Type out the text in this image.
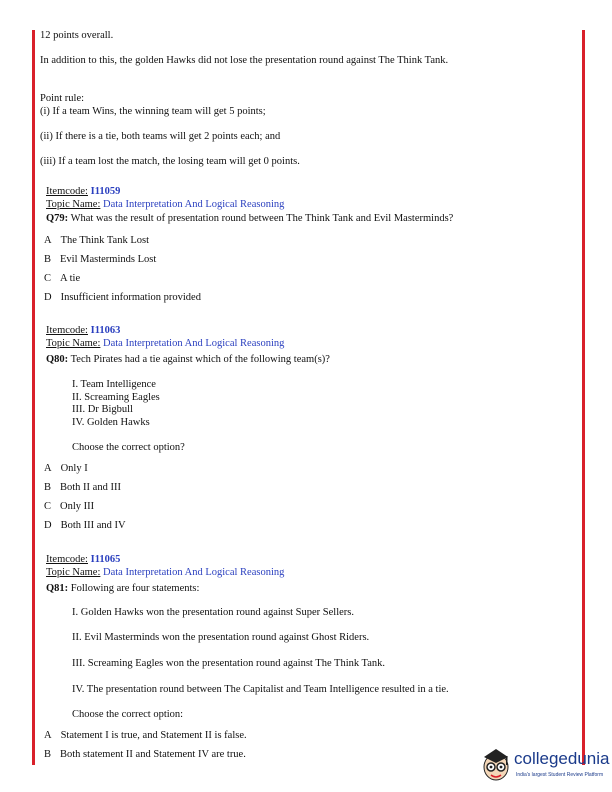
12 points overall.
In addition to this, the golden Hawks did not lose the presentation round against The Think Tank.
Point rule:
(i) If a team Wins, the winning team will get 5 points;
(ii) If there is a tie, both teams will get 2 points each; and
(iii) If a team lost the match, the losing team will get 0 points.
Itemcode: I11059
Topic Name: Data Interpretation And Logical Reasoning
Q79: What was the result of presentation round between The Think Tank and Evil Masterminds?
A The Think Tank Lost
B Evil Masterminds Lost
C A tie
D Insufficient information provided
Itemcode: I11063
Topic Name: Data Interpretation And Logical Reasoning
Q80: Tech Pirates had a tie against which of the following team(s)?
I. Team Intelligence
II. Screaming Eagles
III. Dr Bigbull
IV. Golden Hawks
Choose the correct option?
A Only I
B Both II and III
C Only III
D Both III and IV
Itemcode: I11065
Topic Name: Data Interpretation And Logical Reasoning
Q81: Following are four statements:
I. Golden Hawks won the presentation round against Super Sellers.
II. Evil Masterminds won the presentation round against Ghost Riders.
III. Screaming Eagles won the presentation round against The Think Tank.
IV. The presentation round between The Capitalist and Team Intelligence resulted in a tie.
Choose the correct option:
A Statement I is true, and Statement II is false.
B Both statement II and Statement IV are true.	collegedunia
India's largest Student Review Platform
